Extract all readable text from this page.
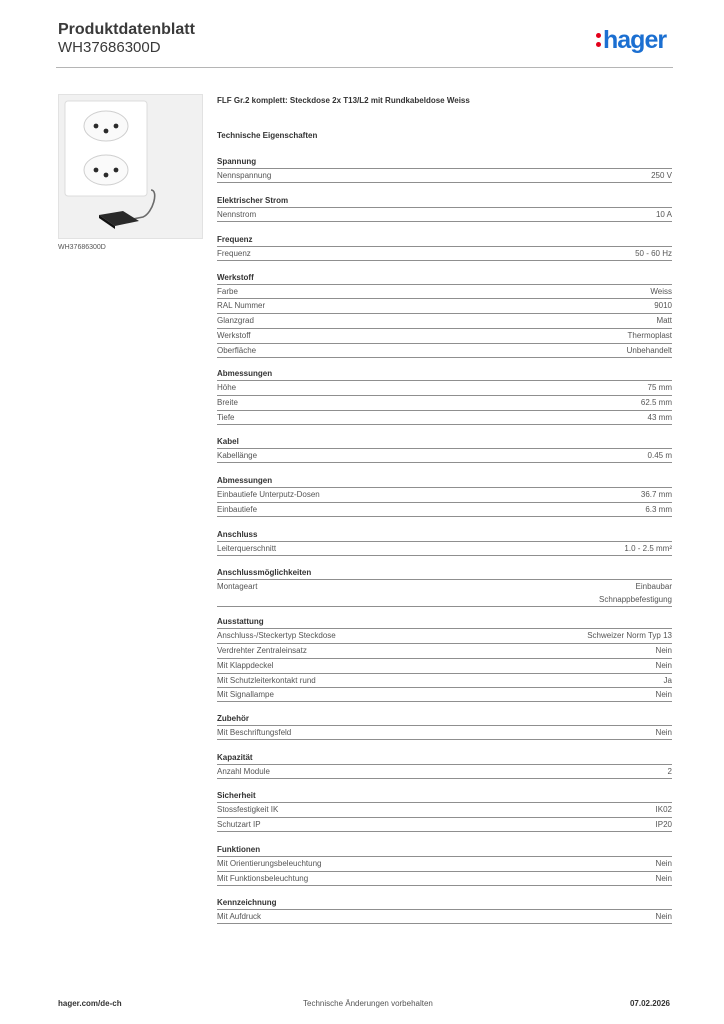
Produktdatenblatt
WH37686300D	hager
WH37686300D
FLF Gr.2 komplett: Steckdose 2x T13/L2 mit Rundkabeldose Weiss
Technische Eigenschaften
Spannung
Nennspannung	250 V
Elektrischer Strom
Nennstrom	10 A
Frequenz
Frequenz	50 - 60 Hz
Werkstoff
Farbe	Weiss
RAL Nummer	9010
Glanzgrad	Matt
Werkstoff	Thermoplast
Oberfläche	Unbehandelt
Abmessungen
Höhe	75 mm
Breite	62.5 mm
Tiefe	43 mm
Kabel
Kabellänge	0.45 m
Abmessungen
Einbautiefe Unterputz-Dosen	36.7 mm
Einbautiefe	6.3 mm
Anschluss
Leiterquerschnitt	1.0 - 2.5 mm²
Anschlussmöglichkeiten
Montageart	Einbaubar
Schnappbefestigung
Ausstattung
Anschluss-/Steckertyp Steckdose	Schweizer Norm Typ 13
Verdrehter Zentraleinsatz	Nein
Mit Klappdeckel	Nein
Mit Schutzleiterkontakt rund	Ja
Mit Signallampe	Nein
Zubehör
Mit Beschriftungsfeld	Nein
Kapazität
Anzahl Module	2
Sicherheit
Stossfestigkeit IK	IK02
Schutzart IP	IP20
Funktionen
Mit Orientierungsbeleuchtung	Nein
Mit Funktionsbeleuchtung	Nein
Kennzeichnung
Mit Aufdruck	Nein
hager.com/de-ch	Technische Änderungen vorbehalten	07.02.2026
